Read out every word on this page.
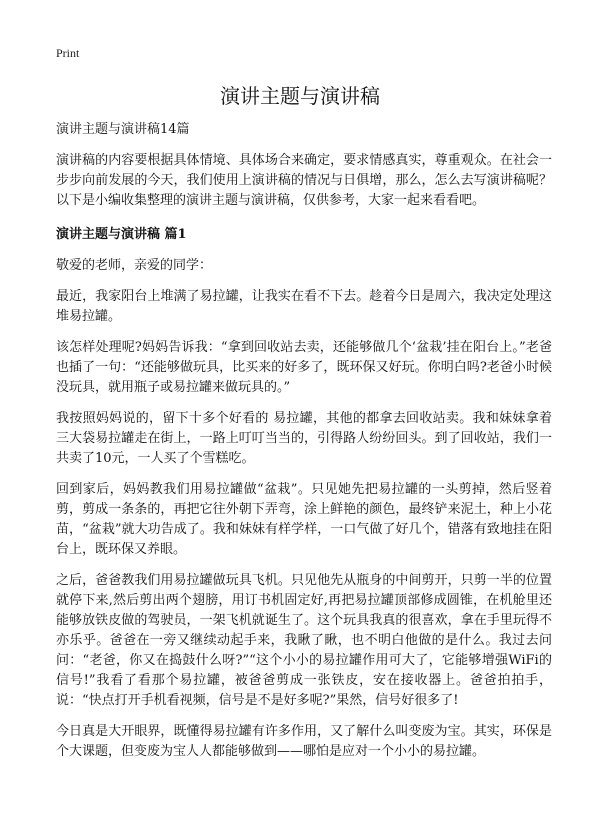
Print
演讲主题与演讲稿

演讲主题与演讲稿14篇

演讲稿的内容要根据具体情境、具体场合来确定，要求情感真实，尊重观众。在社会一步步向前发展的今天，我们使用上演讲稿的情况与日俱增，那么，怎么去写演讲稿呢？以下是小编收集整理的演讲主题与演讲稿，仅供参考，大家一起来看看吧。

演讲主题与演讲稿 篇1

敬爱的老师，亲爱的同学：

最近，我家阳台上堆满了易拉罐，让我实在看不下去。趁着今日是周六，我决定处理这堆易拉罐。

该怎样处理呢?妈妈告诉我：“拿到回收站去卖，还能够做几个‘盆栽’挂在阳台上。”老爸也插了一句：“还能够做玩具，比买来的好多了，既环保又好玩。你明白吗?老爸小时候没玩具，就用瓶子或易拉罐来做玩具的。”

我按照妈妈说的，留下十多个好看的 易拉罐，其他的都拿去回收站卖。我和妹妹拿着三大袋易拉罐走在街上，一路上叮叮当当的，引得路人纷纷回头。到了回收站，我们一共卖了10元，一人买了个雪糕吃。

回到家后，妈妈教我们用易拉罐做“盆栽”。只见她先把易拉罐的一头剪掉，然后竖着剪，剪成一条条的，再把它往外朝下弄弯，涂上鲜艳的颜色，最终铲来泥土，种上小花苗，“盆栽”就大功告成了。我和妹妹有样学样，一口气做了好几个，错落有致地挂在阳台上，既环保又养眼。

之后，爸爸教我们用易拉罐做玩具飞机。只见他先从瓶身的中间剪开，只剪一半的位置就停下来,然后剪出两个翅膀，用订书机固定好,再把易拉罐顶部修成圆锥，在机舱里还能够放铁皮做的驾驶员，一架飞机就诞生了。这个玩具我真的很喜欢，拿在手里玩得不亦乐乎。爸爸在一旁又继续动起手来，我瞅了瞅，也不明白他做的是什么。我过去问问：“老爸，你又在捣鼓什么呀?”“这个小小的易拉罐作用可大了，它能够增强WiFi的信号!”我看了看那个易拉罐，被爸爸剪成一张铁皮，安在接收器上。爸爸拍拍手，说：“快点打开手机看视频，信号是不是好多呢?”果然，信号好很多了!

今日真是大开眼界，既懂得易拉罐有许多作用，又了解什么叫变废为宝。其实，环保是个大课题，但变废为宝人人都能够做到——哪怕是应对一个小小的易拉罐。
